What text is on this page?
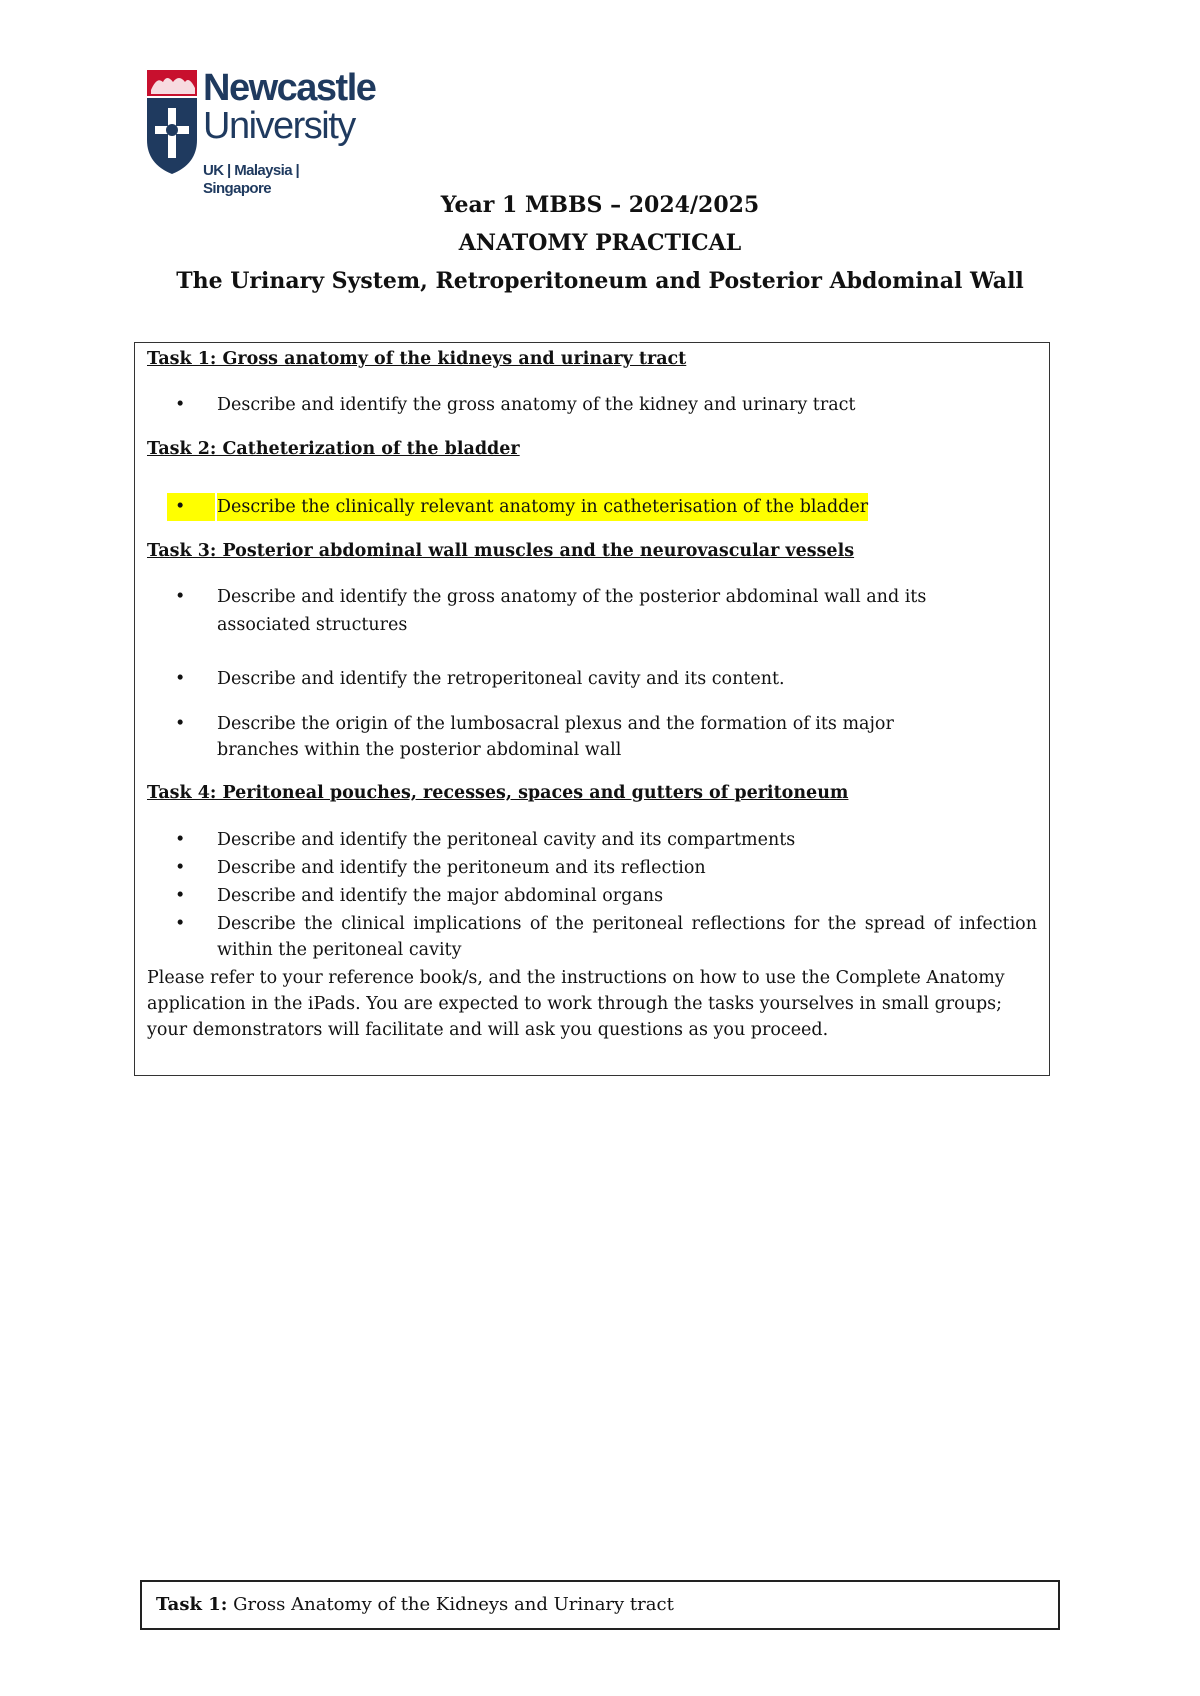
Newcastle
University
UK | Malaysia | Singapore
Year 1 MBBS – 2024/2025
ANATOMY PRACTICAL
The Urinary System, Retroperitoneum and Posterior Abdominal Wall
Task 1: Gross anatomy of the kidneys and urinary tract
• Describe and identify the gross anatomy of the kidney and urinary tract
Task 2: Catheterization of the bladder
•	Describe the clinically relevant anatomy in catheterisation of the bladder
Task 3: Posterior abdominal wall muscles and the neurovascular vessels
• Describe and identify the gross anatomy of the posterior abdominal wall and its associated structures
• Describe and identify the retroperitoneal cavity and its content.
• Describe the origin of the lumbosacral plexus and the formation of its major branches within the posterior abdominal wall
Task 4: Peritoneal pouches, recesses, spaces and gutters of peritoneum
• Describe and identify the peritoneal cavity and its compartments
• Describe and identify the peritoneum and its reflection
• Describe and identify the major abdominal organs
• Describe the clinical implications of the peritoneal reflections for the spread of infection within the peritoneal cavity
Please refer to your reference book/s, and the instructions on how to use the Complete Anatomy application in the iPads. You are expected to work through the tasks yourselves in small groups; your demonstrators will facilitate and will ask you questions as you proceed.
Task 1: Gross Anatomy of the Kidneys and Urinary tract
